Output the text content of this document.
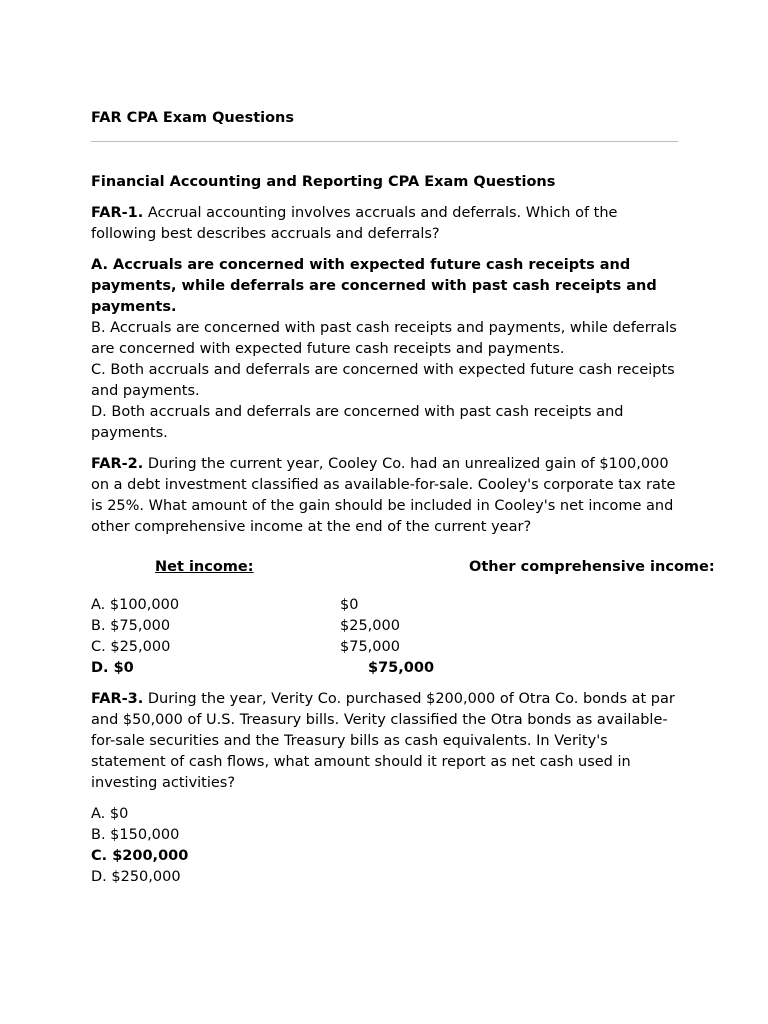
FAR CPA Exam Questions

Financial Accounting and Reporting CPA Exam Questions

FAR-1. Accrual accounting involves accruals and deferrals. Which of the following best describes accruals and deferrals?

A. Accruals are concerned with expected future cash receipts and payments, while deferrals are concerned with past cash receipts and payments.

B. Accruals are concerned with past cash receipts and payments, while deferrals are concerned with expected future cash receipts and payments.

C. Both accruals and deferrals are concerned with expected future cash receipts and payments.

D. Both accruals and deferrals are concerned with past cash receipts and payments.

FAR-2. During the current year, Cooley Co. had an unrealized gain of $100,000 on a debt investment classified as available-for-sale. Cooley's corporate tax rate is 25%. What amount of the gain should be included in Cooley's net income and other comprehensive income at the end of the current year?

Net income:	Other comprehensive income:
A. $100,000	$0
B. $75,000	$25,000
C. $25,000	$75,000
D. $0	$75,000

FAR-3. During the year, Verity Co. purchased $200,000 of Otra Co. bonds at par and $50,000 of U.S. Treasury bills. Verity classified the Otra bonds as available-for-sale securities and the Treasury bills as cash equivalents. In Verity's statement of cash flows, what amount should it report as net cash used in investing activities?

A. $0

B. $150,000

C. $200,000

D. $250,000
